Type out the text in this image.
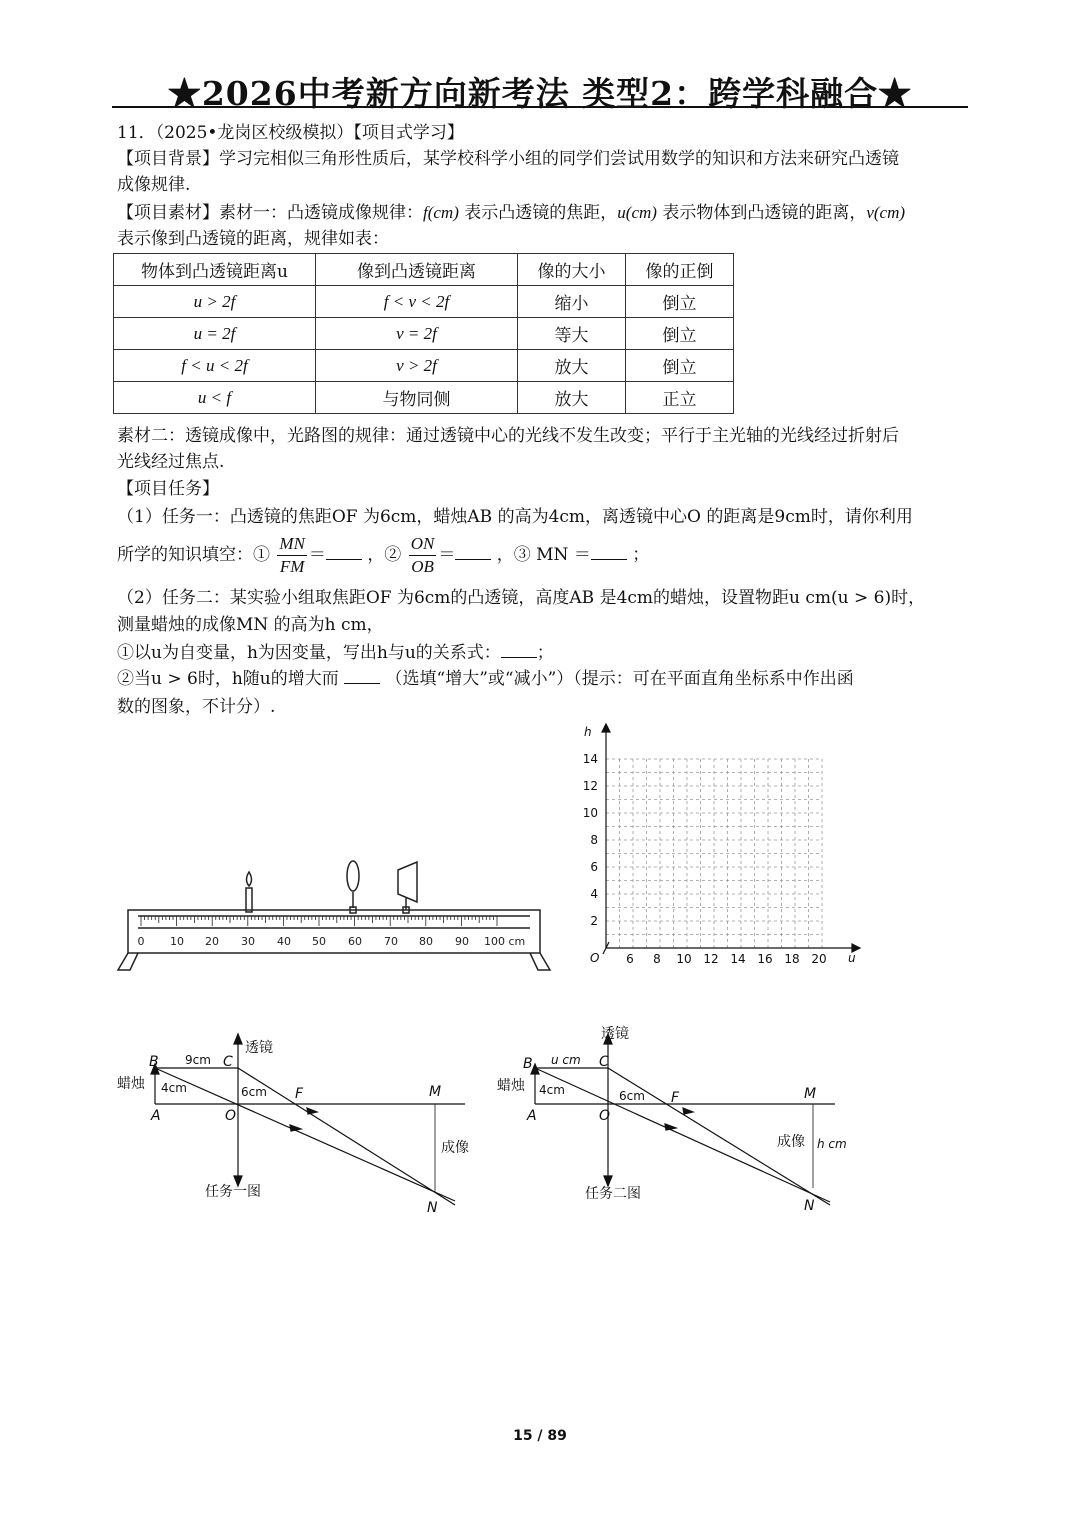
★2026中考新方向新考法 类型2：跨学科融合★
11．（2025•龙岗区校级模拟）【项目式学习】
【项目背景】学习完相似三角形性质后，某学校科学小组的同学们尝试用数学的知识和方法来研究凸透镜
成像规律.
【项目素材】素材一：凸透镜成像规律：f(cm) 表示凸透镜的焦距，u(cm) 表示物体到凸透镜的距离，v(cm)
表示像到凸透镜的距离，规律如表：
物体到凸透镜距离u	像到凸透镜距离	像的大小	像的正倒
u > 2f	f < v < 2f	缩小	倒立
u = 2f	v = 2f	等大	倒立
f < u < 2f	v > 2f	放大	倒立
u < f	与物同侧	放大	正立
素材二：透镜成像中，光路图的规律：通过透镜中心的光线不发生改变；平行于主光轴的光线经过折射后
光线经过焦点.
【项目任务】
（1）任务一：凸透镜的焦距OF 为6cm，蜡烛AB 的高为4cm，离透镜中心O 的距离是9cm时，请你利用
所学的知识填空：① $\frac{MN}{FM}$ ＝ ，② $\frac{ON}{OB}$ ＝ ，③ MN ＝ ；
（2）任务二：某实验小组取焦距OF 为6cm的凸透镜，高度AB 是4cm的蜡烛，设置物距u cm(u > 6)时，
测量蜡烛的成像MN 的高为h cm，
①以u为自变量，h为因变量，写出h与u的关系式： ；
②当u > 6时，h随u的增大而	（选填“增大”或“减小”）（提示：可在平面直角坐标系中作出函
数的图象，不计分）.
0 10 20 30 40 50 60 70 80 90 100 cm
h
u
O
2
4
6
8
10
12
14
6 8 10 12 14 16 18 20
B	C
透镜
蜡烛
A	O
F	M
N
成像
任务一图
9cm
4cm	6cm
B	C
透镜
蜡烛
A	O
F	M
N
成像
任务二图
u cm
4cm	6cm
h cm
15 / 89
